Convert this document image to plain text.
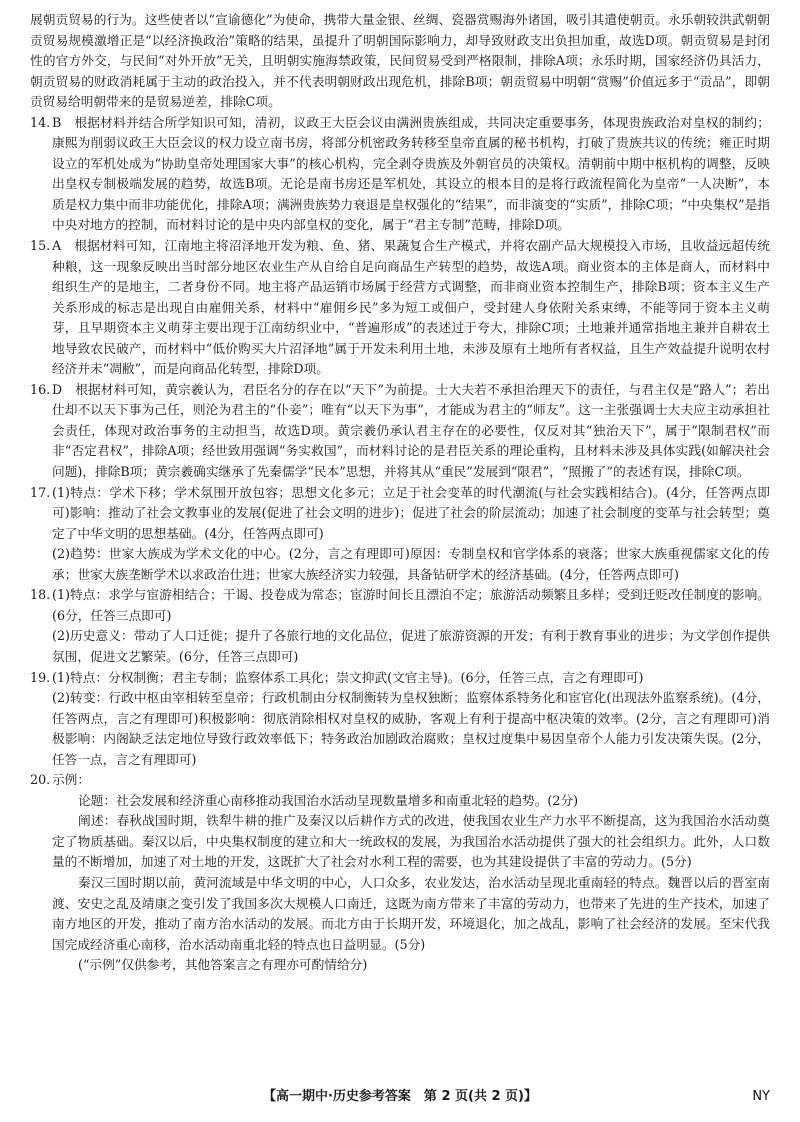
展朝贡贸易的行为。这些使者以“宣谕德化”为使命，携带大量金银、丝绸、瓷器赏赐海外诸国，吸引其遣使朝贡。永乐朝较洪武朝朝贡贸易规模激增正是“以经济换政治”策略的结果，虽提升了明朝国际影响力，却导致财政支出负担加重，故选D项。朝贡贸易是封闭性的官方外交，与民间“对外开放”无关，且明朝实施海禁政策，民间贸易受到严格限制，排除A项；永乐时期，国家经济仍具活力，朝贡贸易的财政消耗属于主动的政治投入，并不代表明朝财政出现危机，排除B项；朝贡贸易中明朝“赏赐”价值远多于“贡品”，即朝贡贸易给明朝带来的是贸易逆差，排除C项。

14. B　根据材料并结合所学知识可知，清初，议政王大臣会议由满洲贵族组成，共同决定重要事务，体现贵族政治对皇权的制约；康熙为削弱议政王大臣会议的权力设立南书房，将部分机密政务转移至皇帝直属的秘书机构，打破了贵族共议的传统；雍正时期设立的军机处成为“协助皇帝处理国家大事”的核心机构，完全剥夺贵族及外朝官员的决策权。清朝前中期中枢机构的调整，反映出皇权专制极端发展的趋势，故选B项。无论是南书房还是军机处，其设立的根本目的是将行政流程简化为皇帝“一人决断”，本质是权力集中而非功能优化，排除A项；满洲贵族势力衰退是皇权强化的“结果”，而非演变的“实质”，排除C项；“中央集权”是指中央对地方的控制，而材料讨论的是中央内部皇权的变化，属于“君主专制”范畴，排除D项。

15. A　根据材料可知，江南地主将沼泽地开发为粮、鱼、猪、果蔬复合生产模式，并将农副产品大规模投入市场，且收益远超传统种粮，这一现象反映出当时部分地区农业生产从自给自足向商品生产转型的趋势，故选A项。商业资本的主体是商人，而材料中组织生产的是地主，二者身份不同。地主将产品运销市场属于经营方式调整，而非商业资本控制生产，排除B项；资本主义生产关系形成的标志是出现自由雇佣关系，材料中“雇佣乡民”多为短工或佃户，受封建人身依附关系束缚，不能等同于资本主义萌芽，且早期资本主义萌芽主要出现于江南纺织业中，“普遍形成”的表述过于夸大，排除C项；土地兼并通常指地主兼并自耕农土地导致农民破产，而材料中“低价购买大片沼泽地”属于开发未利用土地，未涉及原有土地所有者权益，且生产效益提升说明农村经济并未“凋敝”，而是向商品化转型，排除D项。

16. D　根据材料可知，黄宗羲认为，君臣名分的存在以“天下”为前提。士大夫若不承担治理天下的责任，与君主仅是“路人”；若出仕却不以天下事为己任，则沦为君主的“仆妾”；唯有“以天下为事”，才能成为君主的“师友”。这一主张强调士大夫应主动承担社会责任，体现对政治事务的主动担当，故选D项。黄宗羲仍承认君主存在的必要性，仅反对其“独治天下”，属于“限制君权”而非“否定君权”，排除A项；经世致用强调“务实救国”，而材料讨论的是君臣关系的理论重构，且材料未涉及具体实践(如解决社会问题)，排除B项；黄宗羲确实继承了先秦儒学“民本”思想，并将其从“重民”发展到“限君”，“照搬了”的表述有误，排除C项。

17. (1)特点：学术下移；学术氛围开放包容；思想文化多元；立足于社会变革的时代潮流(与社会实践相结合)。(4分，任答两点即可)影响：推动了社会文教事业的发展(促进了社会文明的进步)；促进了社会的阶层流动；加速了社会制度的变革与社会转型；奠定了中华文明的思想基础。(4分，任答两点即可)

(2)趋势：世家大族成为学术文化的中心。(2分，言之有理即可)原因：专制皇权和官学体系的衰落；世家大族重视儒家文化的传承；世家大族垄断学术以求政治仕进；世家大族经济实力较强，具备钻研学术的经济基础。(4分，任答两点即可)

18. (1)特点：求学与宦游相结合；干谒、投卷成为常态；宦游时间长且漂泊不定；旅游活动频繁且多样；受到迁贬改任制度的影响。(6分，任答三点即可)

(2)历史意义：带动了人口迁徙；提升了各旅行地的文化品位，促进了旅游资源的开发；有利于教育事业的进步；为文学创作提供氛围，促进文艺繁荣。(6分，任答三点即可)

19. (1)特点：分权制衡；君主专制；监察体系工具化；崇文抑武(文官主导)。(6分，任答三点，言之有理即可)

(2)转变：行政中枢由宰相转至皇帝；行政机制由分权制衡转为皇权独断；监察体系特务化和宦官化(出现法外监察系统)。(4分，任答两点，言之有理即可)积极影响：彻底消除相权对皇权的威胁，客观上有利于提高中枢决策的效率。(2分，言之有理即可)消极影响：内阁缺乏法定地位导致行政效率低下；特务政治加剧政治腐败；皇权过度集中易因皇帝个人能力引发决策失误。(2分，任答一点，言之有理即可)

20. 示例：

论题：社会发展和经济重心南移推动我国治水活动呈现数量增多和南重北轻的趋势。(2分)

阐述：春秋战国时期，铁犁牛耕的推广及秦汉以后耕作方式的改进，使我国农业生产力水平不断提高，这为我国治水活动奠定了物质基础。秦汉以后，中央集权制度的建立和大一统政权的发展，为我国治水活动提供了强大的社会组织力。此外，人口数量的不断增加，加速了对土地的开发，这既扩大了社会对水利工程的需要，也为其建设提供了丰富的劳动力。(5分)

秦汉三国时期以前，黄河流域是中华文明的中心，人口众多，农业发达，治水活动呈现北重南轻的特点。魏晋以后的晋室南渡、安史之乱及靖康之变引发了我国多次大规模人口南迁，这既为南方带来了丰富的劳动力，也带来了先进的生产技术，加速了南方地区的开发，推动了南方治水活动的发展。而北方由于长期开发，环境退化，加之战乱，影响了社会经济的发展。至宋代我国完成经济重心南移，治水活动南重北轻的特点也日益明显。(5分)

(“示例”仅供参考，其他答案言之有理亦可酌情给分)

【高一期中·历史参考答案　第 2 页(共 2 页)】	NY
